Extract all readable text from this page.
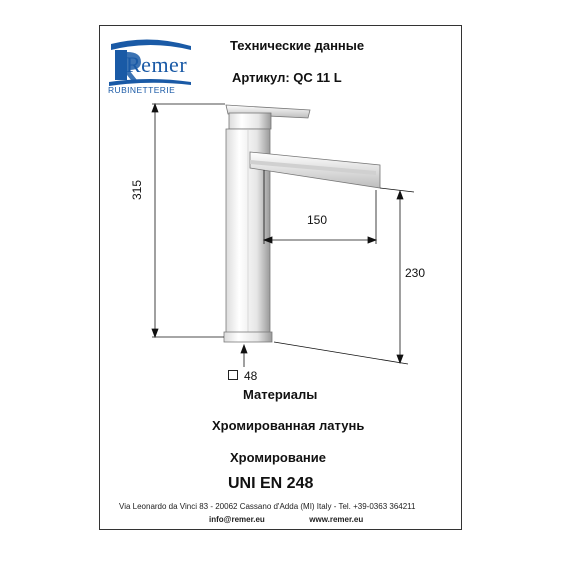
Remer
RUBINETTERIE
Технические данные
Артикул: QC 11 L
315
150
230
48
Материалы
Хромированная латунь
Хромирование
UNI EN 248
Via Leonardo da Vinci 83 - 20062 Cassano d'Adda (MI) Italy - Tel. +39-0363 364211
info@remer.eu                    www.remer.eu
